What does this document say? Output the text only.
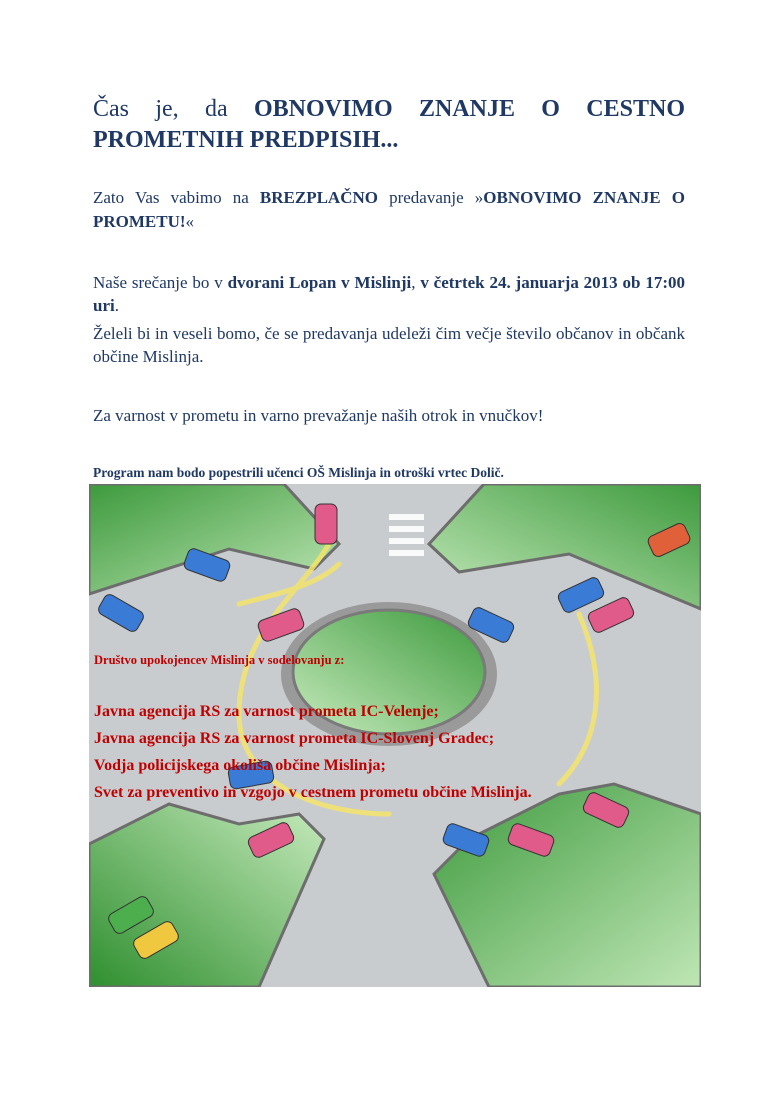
Čas je, da OBNOVIMO ZNANJE O CESTNO PROMETNIH PREDPISIH...
Zato Vas vabimo na BREZPLAČNO predavanje »OBNOVIMO ZNANJE O PROMETU!«
Naše srečanje bo v dvorani Lopan v Mislinji, v četrtek 24. januarja 2013 ob 17:00 uri.
Želeli bi in veseli bomo, če se predavanja udeleži čim večje število občanov in občank občine Mislinja.
Za varnost v prometu in varno prevažanje naših otrok in vnučkov!
Program nam bodo popestrili učenci OŠ Mislinja in otroški vrtec Dolič.
Društvo upokojencev Mislinja v sodelovanju z:
Javna agencija RS za varnost prometa IC-Velenje;
Javna agencija RS za varnost prometa IC-Slovenj Gradec;
Vodja policijskega okoliša občine Mislinja;
Svet za preventivo in vzgojo v cestnem prometu občine Mislinja.
